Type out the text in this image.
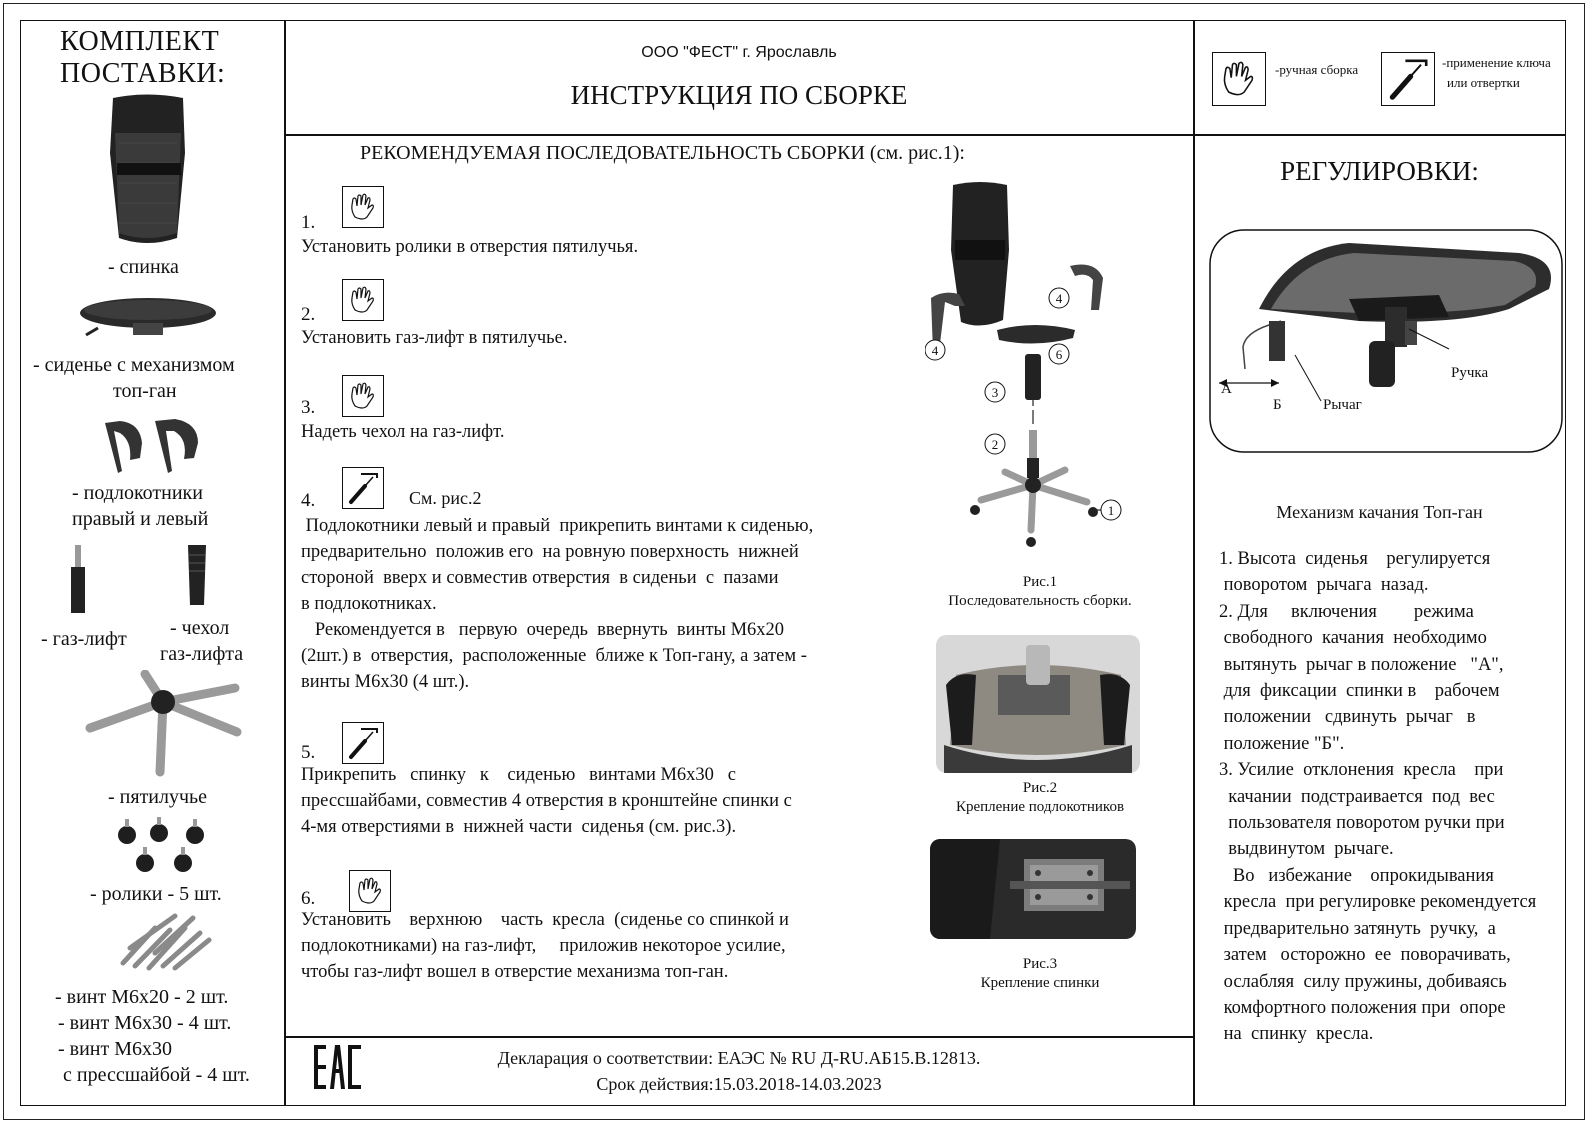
КОМПЛЕКТ
ПОСТАВКИ:
- спинка
- сиденье с механизмом
топ-ган
- подлокотники
правый и левый
- газ-лифт - чехол
газ-лифта
- пятилучье
- ролики - 5 шт.
- винт М6х20 - 2 шт.
- винт М6х30 - 4 шт.
- винт М6х30
с прессшайбой - 4 шт.
ООО "ФЕСТ" г. Ярославль
ИНСТРУКЦИЯ ПО СБОРКЕ
-ручная сборка	-применение ключа
или отвертки
РЕКОМЕНДУЕМАЯ ПОСЛЕДОВАТЕЛЬНОСТЬ СБОРКИ (см. рис.1):
1.
Установить ролики в отверстия пятилучья.
2.
Установить газ-лифт в пятилучье.
3.
Надеть чехол на газ-лифт.
4.	См. рис.2
Подлокотники левый и правый  прикрепить винтами к сиденью,
предварительно  положив его  на ровную поверхность  нижней
стороной  вверх и совместив отверстия  в сиденьи  с  пазами
в подлокотниках.
Рекомендуется в   первую  очередь  ввернуть  винты М6х20
(2шт.) в  отверстия,  расположенные  ближе к Топ-гану, а затем -
винты М6х30 (4 шт.).
5.
Прикрепить   спинку   к    сиденью   винтами М6х30   с
прессшайбами, совместив 4 отверстия в кронштейне спинки с
4-мя отверстиями в  нижней части  сиденья (см. рис.3).
6.
Установить    верхнюю    часть  кресла  (сиденье со спинкой и
подлокотниками) на газ-лифт,     приложив некоторое усилие,
чтобы газ-лифт вошел в отверстие механизма топ-ган.
1
2
3
4
4
6
Рис.1
Последовательность сборки.
Рис.2
Крепление подлокотников
Рис.3
Крепление спинки
Декларация о соответствии: ЕАЭС № RU Д-RU.АБ15.В.12813.
Срок действия:15.03.2018-14.03.2023
РЕГУЛИРОВКИ:
А
Б	Рычаг
Ручка
Механизм качания Топ-ган
1. Высота  сиденья    регулируется
поворотом  рычага  назад.
2. Для     включения        режима
свободного  качания  необходимо
вытянуть  рычаг в положение   "А",
для  фиксации  спинки в    рабочем
положении   сдвинуть  рычаг   в
положение "Б".
3. Усилие  отклонения  кресла    при
качании  подстраивается  под  вес
пользователя поворотом ручки при
выдвинутом  рычаге.
Во   избежание    опрокидывания
кресла  при регулировке рекомендуется
предварительно затянуть  ручку,  а
затем   осторожно  ее  поворачивать,
ослабляя  силу пружины, добиваясь
комфортного положения при  опоре
на  спинку  кресла.
